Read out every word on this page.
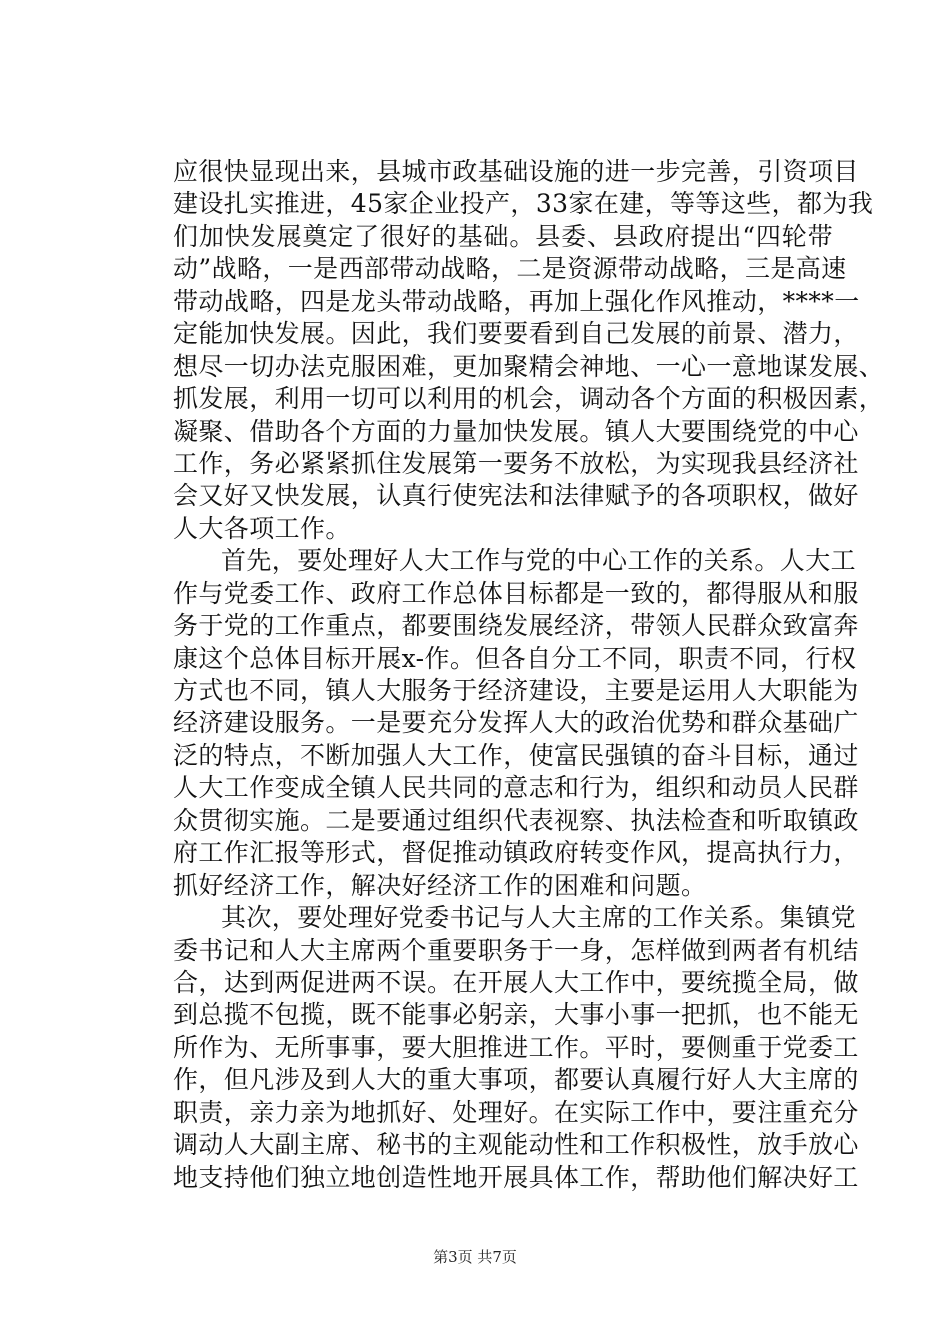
应很快显现出来，县城市政基础设施的进一步完善，引资项目
建设扎实推进，45家企业投产，33家在建，等等这些，都为我
们加快发展奠定了很好的基础。县委、县政府提出“四轮带
动”战略，一是西部带动战略，二是资源带动战略，三是高速
带动战略，四是龙头带动战略，再加上强化作风推动，****一
定能加快发展。因此，我们要要看到自己发展的前景、潜力，
想尽一切办法克服困难，更加聚精会神地、一心一意地谋发展、
抓发展，利用一切可以利用的机会，调动各个方面的积极因素，
凝聚、借助各个方面的力量加快发展。镇人大要围绕党的中心
工作，务必紧紧抓住发展第一要务不放松，为实现我县经济社
会又好又快发展，认真行使宪法和法律赋予的各项职权，做好
人大各项工作。
首先，要处理好人大工作与党的中心工作的关系。人大工
作与党委工作、政府工作总体目标都是一致的，都得服从和服
务于党的工作重点，都要围绕发展经济，带领人民群众致富奔
康这个总体目标开展x-作。但各自分工不同，职责不同，行权
方式也不同，镇人大服务于经济建设，主要是运用人大职能为
经济建设服务。一是要充分发挥人大的政治优势和群众基础广
泛的特点，不断加强人大工作，使富民强镇的奋斗目标，通过
人大工作变成全镇人民共同的意志和行为，组织和动员人民群
众贯彻实施。二是要通过组织代表视察、执法检查和听取镇政
府工作汇报等形式，督促推动镇政府转变作风，提高执行力，
抓好经济工作，解决好经济工作的困难和问题。
其次，要处理好党委书记与人大主席的工作关系。集镇党
委书记和人大主席两个重要职务于一身，怎样做到两者有机结
合，达到两促进两不误。在开展人大工作中，要统揽全局，做
到总揽不包揽，既不能事必躬亲，大事小事一把抓，也不能无
所作为、无所事事，要大胆推进工作。平时，要侧重于党委工
作，但凡涉及到人大的重大事项，都要认真履行好人大主席的
职责，亲力亲为地抓好、处理好。在实际工作中，要注重充分
调动人大副主席、秘书的主观能动性和工作积极性，放手放心
地支持他们独立地创造性地开展具体工作，帮助他们解决好工
第3页 共7页
